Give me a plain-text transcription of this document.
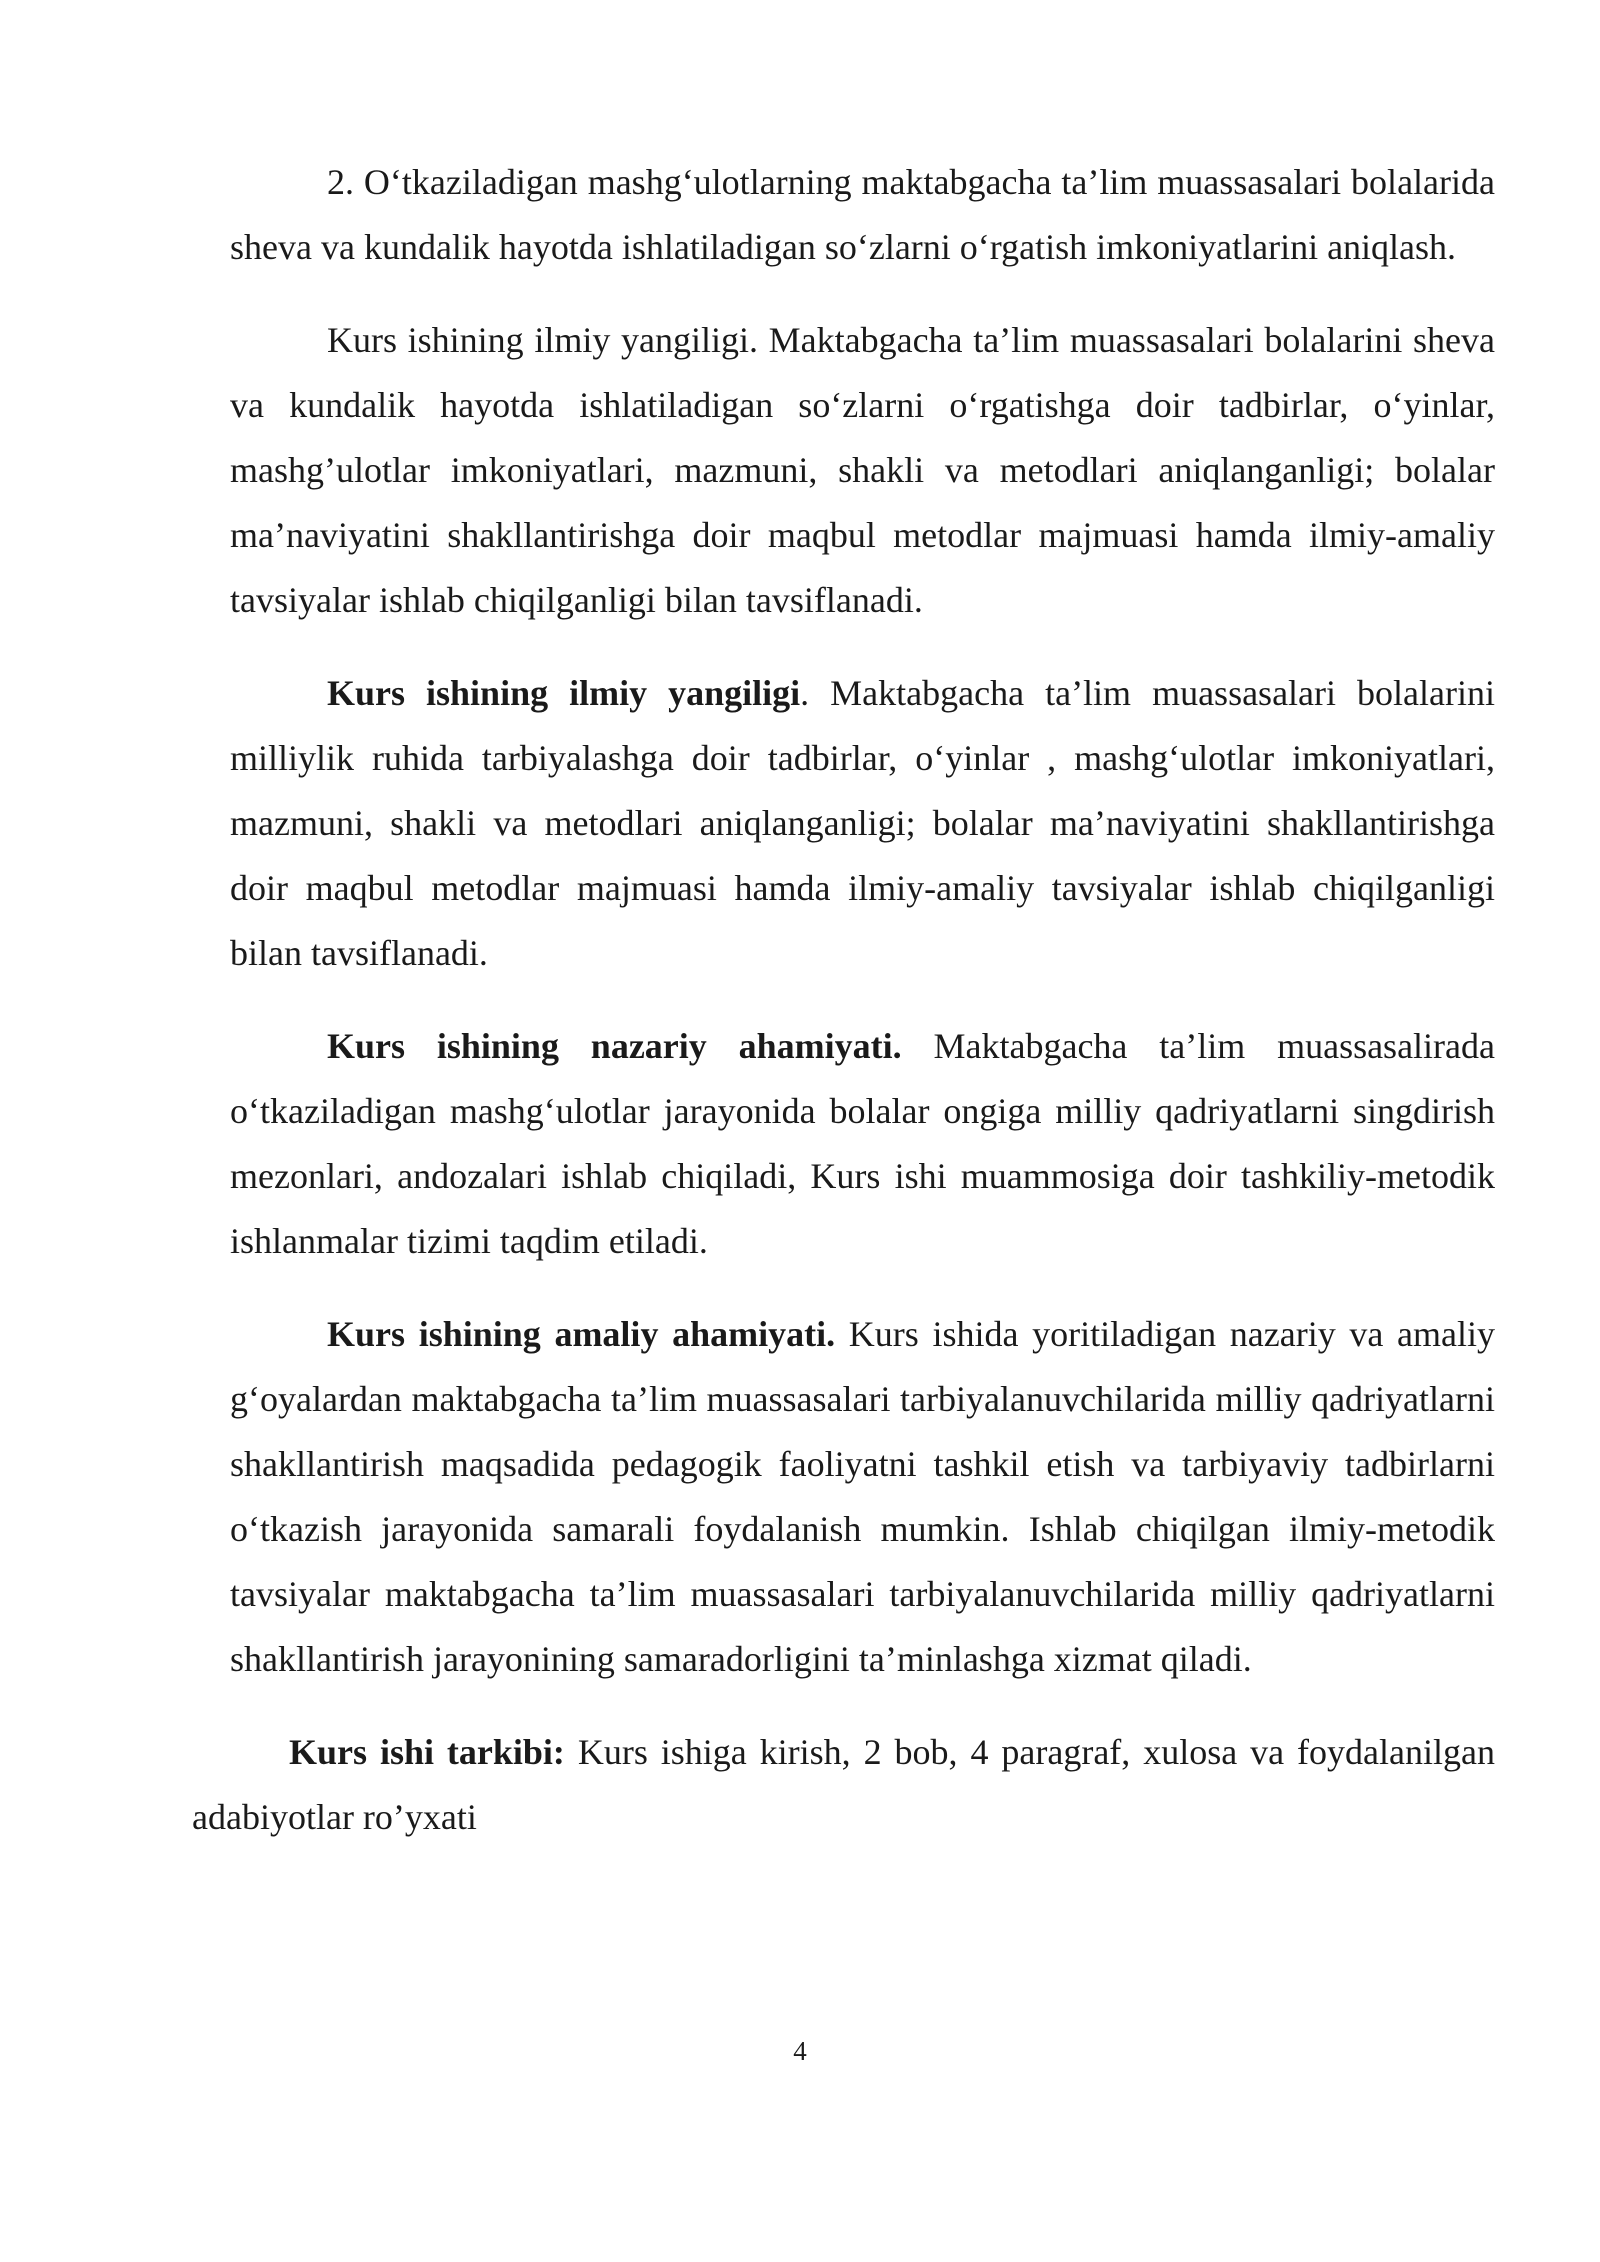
2. O‘tkaziladigan mashg‘ulotlarning maktabgacha ta’lim muassasalari bolalarida sheva va kundalik hayotda ishlatiladigan so‘zlarni o‘rgatish imkoniyatlarini aniqlash.

Kurs ishining ilmiy yangiligi. Maktabgacha ta’lim muassasalari bolalarini sheva va kundalik hayotda ishlatiladigan so‘zlarni o‘rgatishga doir tadbirlar, o‘yinlar, mashg’ulotlar imkoniyatlari, mazmuni, shakli va metodlari aniqlanganligi; bolalar ma’naviyatini shakllantirishga doir maqbul metodlar majmuasi hamda ilmiy-amaliy tavsiyalar ishlab chiqilganligi bilan tavsiflanadi.

Kurs ishining ilmiy yangiligi. Maktabgacha ta’lim muassasalari bolalarini milliylik ruhida tarbiyalashga doir tadbirlar, o‘yinlar , mashg‘ulotlar imkoniyatlari, mazmuni, shakli va metodlari aniqlanganligi; bolalar ma’naviyatini shakllantirishga doir maqbul metodlar majmuasi hamda ilmiy-amaliy tavsiyalar ishlab chiqilganligi bilan tavsiflanadi.

Kurs ishining nazariy ahamiyati. Maktabgacha ta’lim muassasalirada o‘tkaziladigan mashg‘ulotlar jarayonida bolalar ongiga milliy qadriyatlarni singdirish mezonlari, andozalari ishlab chiqiladi, Kurs ishi muammosiga doir tashkiliy-metodik ishlanmalar tizimi taqdim etiladi.

Kurs ishining amaliy ahamiyati. Kurs ishida yoritiladigan nazariy va amaliy g‘oyalardan maktabgacha ta’lim muassasalari tarbiyalanuvchilarida milliy qadriyatlarni shakllantirish maqsadida pedagogik faoliyatni tashkil etish va tarbiyaviy tadbirlarni o‘tkazish jarayonida samarali foydalanish mumkin. Ishlab chiqilgan ilmiy-metodik tavsiyalar maktabgacha ta’lim muassasalari tarbiyalanuvchilarida milliy qadriyatlarni shakllantirish jarayonining samaradorligini ta’minlashga xizmat qiladi.

Kurs ishi tarkibi: Kurs ishiga kirish, 2 bob, 4 paragraf, xulosa va foydalanilgan adabiyotlar ro’yxati

4
